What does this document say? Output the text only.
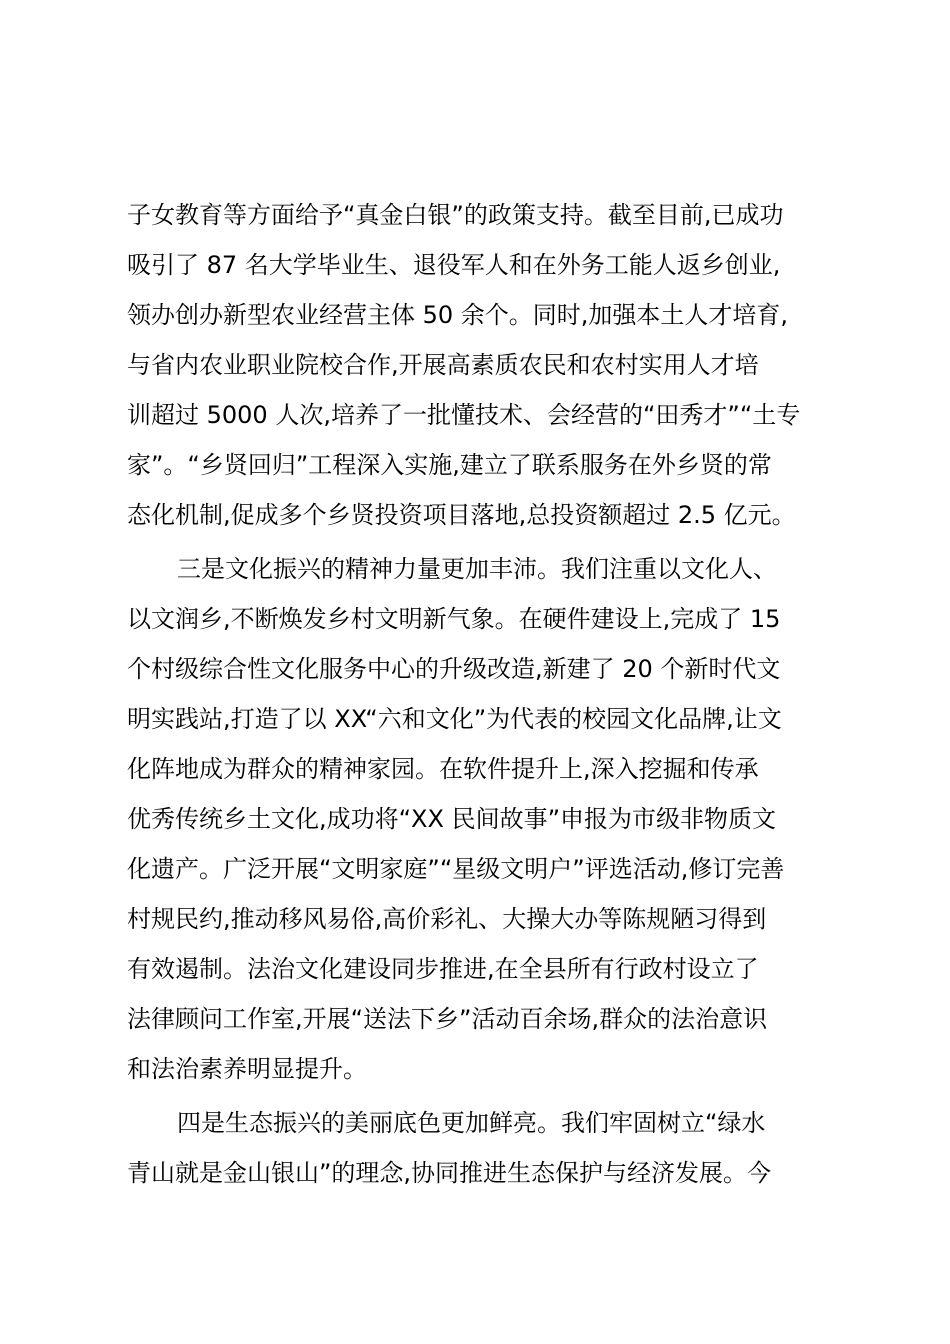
子女教育等方面给予“真金白银”的政策支持。截至目前,已成功
吸引了 87 名大学毕业生、退役军人和在外务工能人返乡创业,
领办创办新型农业经营主体 50 余个。同时,加强本土人才培育,
与省内农业职业院校合作,开展高素质农民和农村实用人才培
训超过 5000 人次,培养了一批懂技术、会经营的“田秀才”“土专
家”。“乡贤回归”工程深入实施,建立了联系服务在外乡贤的常
态化机制,促成多个乡贤投资项目落地,总投资额超过 2.5 亿元。
三是文化振兴的精神力量更加丰沛。我们注重以文化人、
以文润乡,不断焕发乡村文明新气象。在硬件建设上,完成了 15
个村级综合性文化服务中心的升级改造,新建了 20 个新时代文
明实践站,打造了以 XX“六和文化”为代表的校园文化品牌,让文
化阵地成为群众的精神家园。在软件提升上,深入挖掘和传承
优秀传统乡土文化,成功将“XX 民间故事”申报为市级非物质文
化遗产。广泛开展“文明家庭”“星级文明户”评选活动,修订完善
村规民约,推动移风易俗,高价彩礼、大操大办等陈规陋习得到
有效遏制。法治文化建设同步推进,在全县所有行政村设立了
法律顾问工作室,开展“送法下乡”活动百余场,群众的法治意识
和法治素养明显提升。
四是生态振兴的美丽底色更加鲜亮。我们牢固树立“绿水
青山就是金山银山”的理念,协同推进生态保护与经济发展。今
